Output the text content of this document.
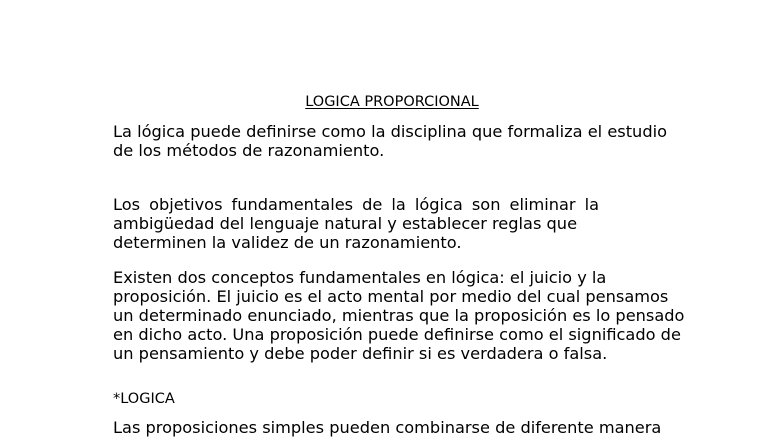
LOGICA PROPORCIONAL

La lógica puede definirse como la disciplina que formaliza el estudio
de los métodos de razonamiento.

Los objetivos fundamentales de la lógica son eliminar la
ambigüedad del lenguaje natural y establecer reglas que
determinen la validez de un razonamiento.

Existen dos conceptos fundamentales en lógica: el juicio y la
proposición. El juicio es el acto mental por medio del cual pensamos
un determinado enunciado, mientras que la proposición es lo pensado
en dicho acto. Una proposición puede definirse como el significado de
un pensamiento y debe poder definir si es verdadera o falsa.

*LOGICA

Las proposiciones simples pueden combinarse de diferente manera
